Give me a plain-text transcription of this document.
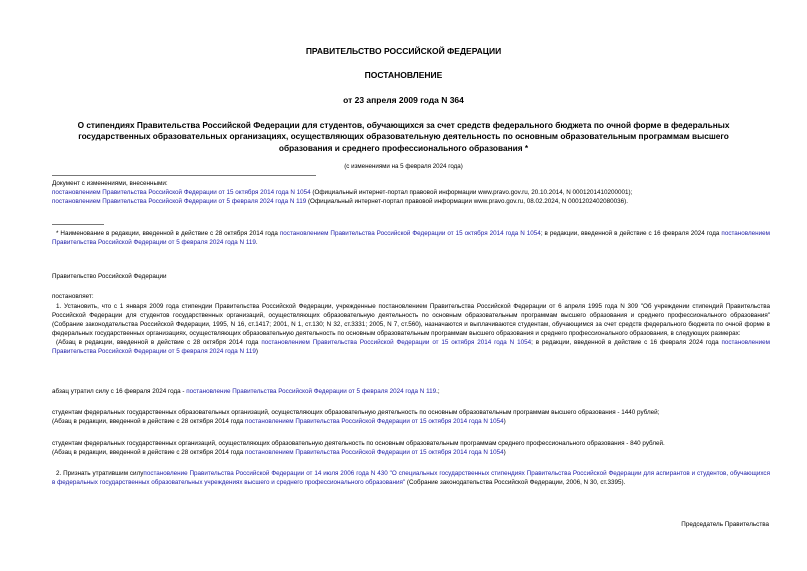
ПРАВИТЕЛЬСТВО РОССИЙСКОЙ ФЕДЕРАЦИИ
ПОСТАНОВЛЕНИЕ
от 23 апреля 2009 года N 364
О стипендиях Правительства Российской Федерации для студентов, обучающихся за счет средств федерального бюджета по очной форме в федеральных государственных образовательных организациях, осуществляющих образовательную деятельность по основным образовательным программам высшего образования и среднего профессионального образования *
(с изменениями на 5 февраля 2024 года)

Документ с изменениями, внесенными:

постановлением Правительства Российской Федерации от 15 октября 2014 года N 1054 (Официальный интернет-портал правовой информации www.pravo.gov.ru, 20.10.2014, N 0001201410200001);

постановлением Правительства Российской Федерации от 5 февраля 2024 года N 119 (Официальный интернет-портал правовой информации www.pravo.gov.ru, 08.02.2024, N 0001202402080036).

* Наименование в редакции, введенной в действие с 28 октября 2014 года постановлением Правительства Российской Федерации от 15 октября 2014 года N 1054; в редакции, введенной в действие с 16 февраля 2024 года постановлением Правительства Российской Федерации от 5 февраля 2024 года N 119.

Правительство Российской Федерации
постановляет:

1. Установить, что с 1 января 2009 года стипендии Правительства Российской Федерации, учрежденные постановлением Правительства Российской Федерации от 6 апреля 1995 года N 309 "Об учреждении стипендий Правительства Российской Федерации для студентов государственных организаций, осуществляющих образовательную деятельность по основным образовательным программам высшего образования и среднего профессионального образования" (Собрание законодательства Российской Федерации, 1995, N 16, ст.1417; 2001, N 1, ст.130; N 32, ст.3331; 2005, N 7, ст.560), назначаются и выплачиваются студентам, обучающимся за счет средств федерального бюджета по очной форме в федеральных государственных организациях, осуществляющих образовательную деятельность по основным образовательным программам высшего образования и среднего профессионального образования, в следующих размерах:

(Абзац в редакции, введенной в действие с 28 октября 2014 года постановлением Правительства Российской Федерации от 15 октября 2014 года N 1054; в редакции, введенной в действие с 16 февраля 2024 года постановлением Правительства Российской Федерации от 5 февраля 2024 года N 119)

абзац утратил силу с 16 февраля 2024 года - постановление Правительства Российской Федерации от 5 февраля 2024 года N 119.;

студентам федеральных государственных образовательных организаций, осуществляющих образовательную деятельность по основным образовательным программам высшего образования - 1440 рублей;

(Абзац в редакции, введенной в действие с 28 октября 2014 года постановлением Правительства Российской Федерации от 15 октября 2014 года N 1054)

студентам федеральных государственных организаций, осуществляющих образовательную деятельность по основным образовательным программам среднего профессионального образования - 840 рублей.

(Абзац в редакции, введенной в действие с 28 октября 2014 года постановлением Правительства Российской Федерации от 15 октября 2014 года N 1054)

2. Признать утратившим силупостановление Правительства Российской Федерации от 14 июля 2006 года N 430 "О специальных государственных стипендиях Правительства Российской Федерации для аспирантов и студентов, обучающихся в федеральных государственных образовательных учреждениях высшего и среднего профессионального образования" (Собрание законодательства Российской Федерации, 2006, N 30, ст.3395).

Председатель Правительства
